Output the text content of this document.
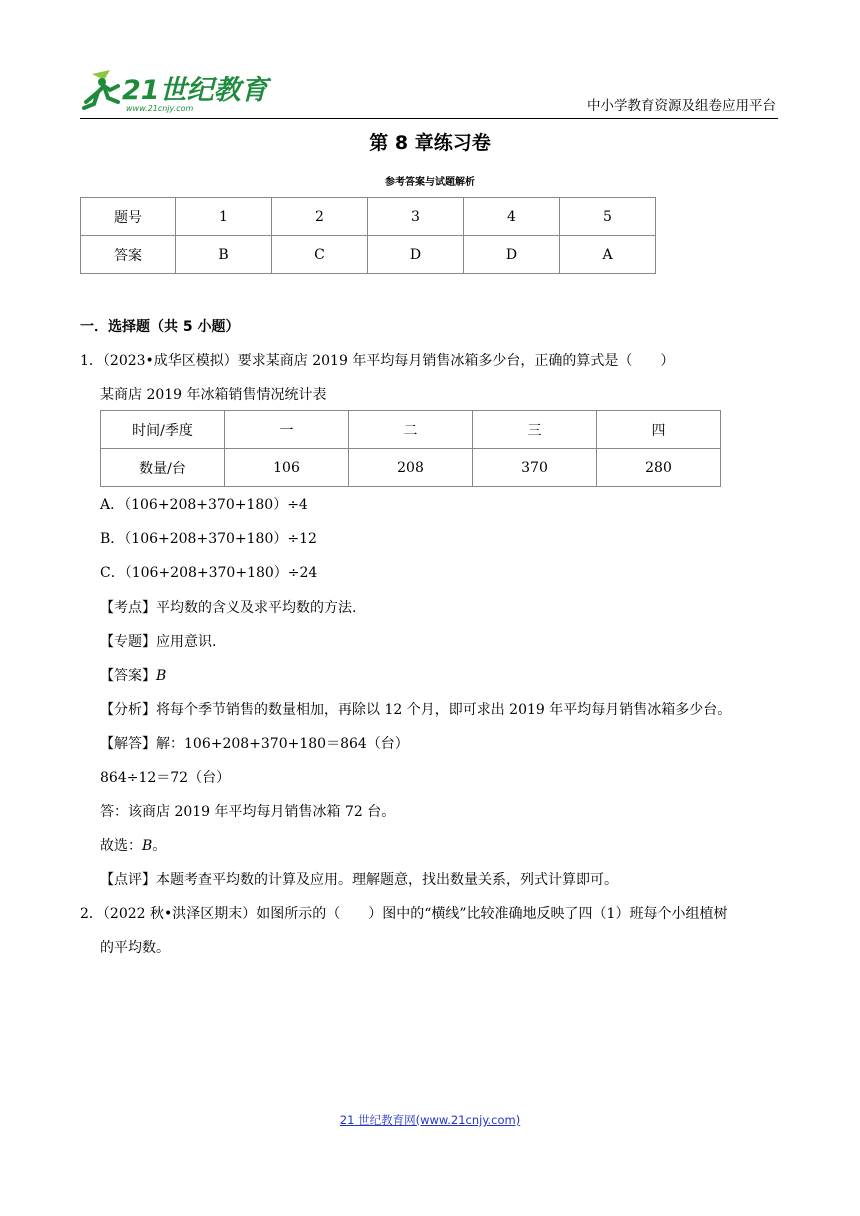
21世纪教育
www.21cnjy.com	中小学教育资源及组卷应用平台
第 8 章练习卷
参考答案与试题解析
题号	1	2	3	4	5
答案	B	C	D	D	A
一．选择题（共 5 小题）
1．（2023•成华区模拟）要求某商店 2019 年平均每月销售冰箱多少台，正确的算式是（　　）
某商店 2019 年冰箱销售情况统计表
时间/季度	一	二	三	四
数量/台	106	208	370	280
A．（106+208+370+180）÷4
B．（106+208+370+180）÷12
C．（106+208+370+180）÷24
【考点】平均数的含义及求平均数的方法.
【专题】应用意识.
【答案】B
【分析】将每个季节销售的数量相加，再除以 12 个月，即可求出 2019 年平均每月销售冰箱多少台。
【解答】解：106+208+370+180＝864（台）
864÷12＝72（台）
答：该商店 2019 年平均每月销售冰箱 72 台。
故选：B。
【点评】本题考查平均数的计算及应用。理解题意，找出数量关系，列式计算即可。
2．（2022 秋•洪泽区期末）如图所示的（　　）图中的“横线”比较准确地反映了四（1）班每个小组植树
的平均数。
21 世纪教育网(www.21cnjy.com)
